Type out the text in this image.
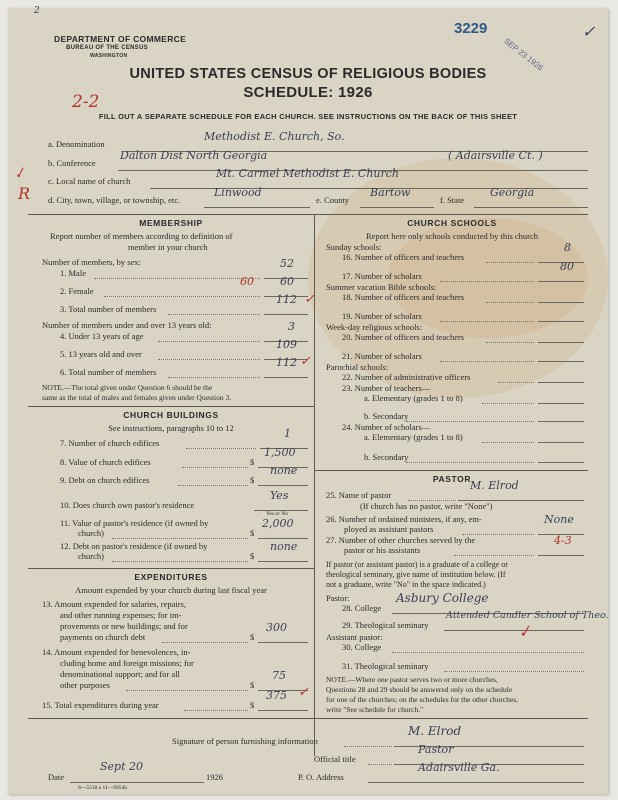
2
DEPARTMENT OF COMMERCE
BUREAU OF THE CENSUS
WASHINGTON
3229
SEP 23 1926
✓
UNITED STATES CENSUS OF RELIGIOUS BODIES
SCHEDULE: 1926
2-2
FILL OUT A SEPARATE SCHEDULE FOR EACH CHURCH. SEE INSTRUCTIONS ON THE BACK OF THIS SHEET
a. Denomination
Methodist E. Church, So.
b. Conference
Dalton Dist North Georgia	( Adairsville Ct. )
✓ c. Local name of church
Mt. Carmel Methodist E. Church
R d. City, town, village, or township, etc.
Linwood
e. County
Bartow
f. State
Georgia
MEMBERSHIP
Report number of members according to definition of
member in your church
Number of members, by sex:
1. Male
52
2. Female
60 60
3. Total number of members
112 ✓
Number of members under and over 13 years old:
4. Under 13 years of age
3
5. 13 years old and over
109
6. Total number of members
112 ✓
NOTE.—The total given under Question 6 should be the
same as the total of males and females given under Question 3.
CHURCH BUILDINGS
See instructions, paragraphs 10 to 12
7. Number of church edifices
1
8. Value of church edifices	$
1,500
9. Debt on church edifices	$
none
10. Does church own pastor's residence
Yes
Yes or No
11. Value of pastor's residence (if owned by
church)	$
2,000
12. Debt on pastor's residence (if owned by
church)	$
none
EXPENDITURES
Amount expended by your church during last fiscal year
13. Amount expended for salaries, repairs,
and other running expenses; for im-
provements or new buildings; and for
payments on church debt	$
300
14. Amount expended for benevolences, in-
cluding home and foreign missions; for
denominational support; and for all
other purposes	$
75
15. Total expenditures during year	$
375 ✓
CHURCH SCHOOLS
Report here only schools conducted by this church
Sunday schools:
16. Number of officers and teachers
8
17. Number of scholars
80
Summer vacation Bible schools:
18. Number of officers and teachers
19. Number of scholars
Week-day religious schools:
20. Number of officers and teachers
21. Number of scholars
Parochial schools:
22. Number of administrative officers
23. Number of teachers—
a. Elementary (grades 1 to 8)
b. Secondary
24. Number of scholars—
a. Elementary (grades 1 to 8)
b. Secondary
PASTOR
25. Name of pastor
M. Elrod
(If church has no pastor, write "None")
26. Number of ordained ministers, if any, em-
ployed as assistant pastors
None
27. Number of other churches served by the
pastor or his assistants
4-3
If pastor (or assistant pastor) is a graduate of a college or
theological seminary, give name of institution below. (If
not a graduate, write "No" in the space indicated.)
Pastor:
28. College
Asbury College
29. Theological seminary
Attended Candler School of Theo.
✓
Assistant pastor:
30. College
31. Theological seminary
NOTE.—Where one pastor serves two or more churches,
Questions 28 and 29 should be answered only on the schedule
for one of the churches; on the schedules for the other churches,
write "See schedule for church."
Signature of person furnishing information
M. Elrod
Official title
Pastor
Date
Sept 20
1926	P. O. Address
Adairsville Ga.
8—5518 a 11—9054h
